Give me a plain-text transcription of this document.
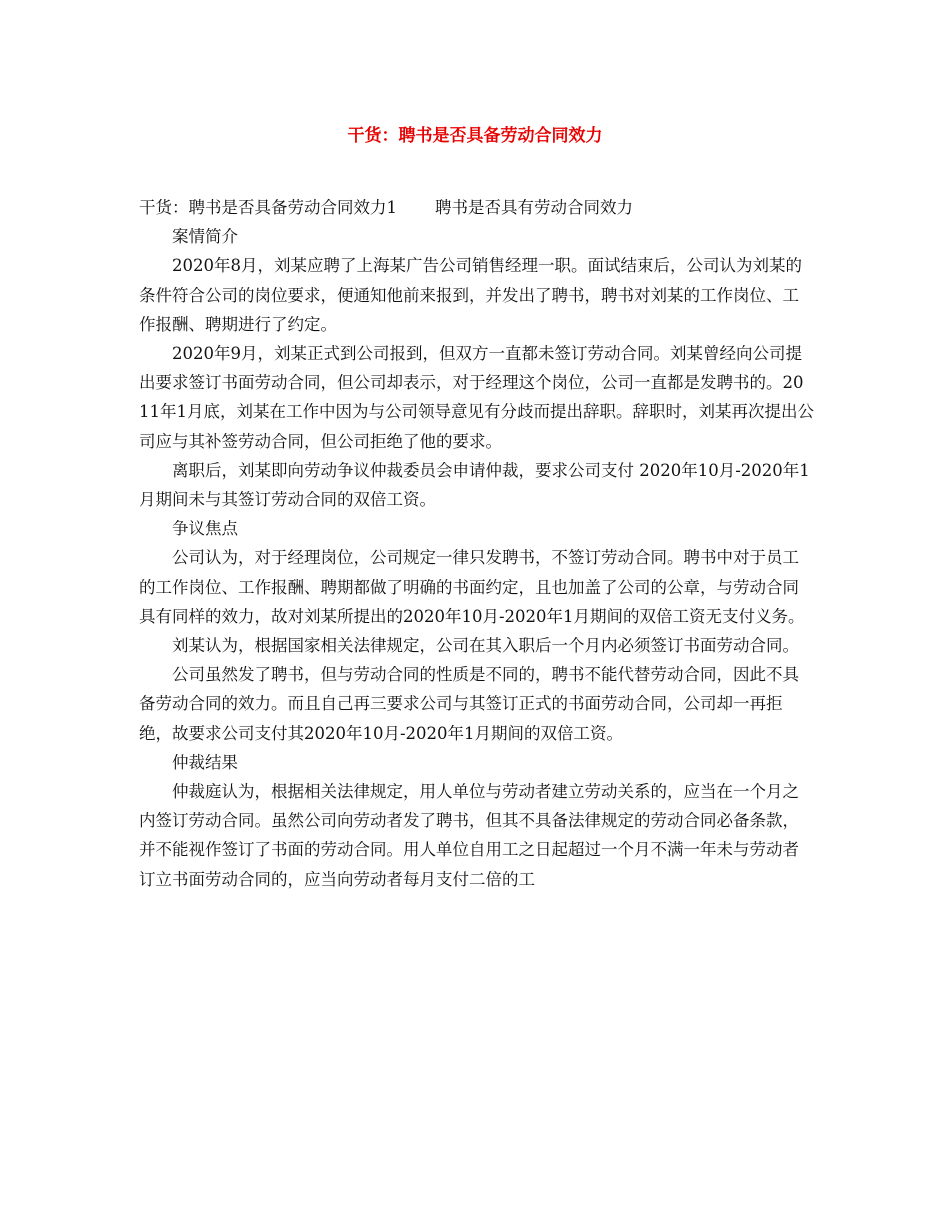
干货：聘书是否具备劳动合同效力

干货：聘书是否具备劳动合同效力1 聘书是否具有劳动合同效力

案情简介

2020年8月，刘某应聘了上海某广告公司销售经理一职。面试结束后，公司认为刘某的条件符合公司的岗位要求，便通知他前来报到，并发出了聘书，聘书对刘某的工作岗位、工作报酬、聘期进行了约定。

2020年9月，刘某正式到公司报到，但双方一直都未签订劳动合同。刘某曾经向公司提出要求签订书面劳动合同，但公司却表示，对于经理这个岗位，公司一直都是发聘书的。20 11年1月底，刘某在工作中因为与公司领导意见有分歧而提出辞职。辞职时，刘某再次提出公司应与其补签劳动合同，但公司拒绝了他的要求。

离职后，刘某即向劳动争议仲裁委员会申请仲裁，要求公司支付 2020年10月-2020年1月期间未与其签订劳动合同的双倍工资。

争议焦点

公司认为，对于经理岗位，公司规定一律只发聘书，不签订劳动合同。聘书中对于员工的工作岗位、工作报酬、聘期都做了明确的书面约定，且也加盖了公司的公章，与劳动合同具有同样的效力，故对刘某所提出的2020年10月-2020年1月期间的双倍工资无支付义务。

刘某认为，根据国家相关法律规定，公司在其入职后一个月内必须签订书面劳动合同。

公司虽然发了聘书，但与劳动合同的性质是不同的，聘书不能代替劳动合同，因此不具备劳动合同的效力。而且自己再三要求公司与其签订正式的书面劳动合同，公司却一再拒绝，故要求公司支付其2020年10月-2020年1月期间的双倍工资。

仲裁结果

仲裁庭认为，根据相关法律规定，用人单位与劳动者建立劳动关系的，应当在一个月之内签订劳动合同。虽然公司向劳动者发了聘书，但其不具备法律规定的劳动合同必备条款，并不能视作签订了书面的劳动合同。用人单位自用工之日起超过一个月不满一年未与劳动者订立书面劳动合同的，应当向劳动者每月支付二倍的工
